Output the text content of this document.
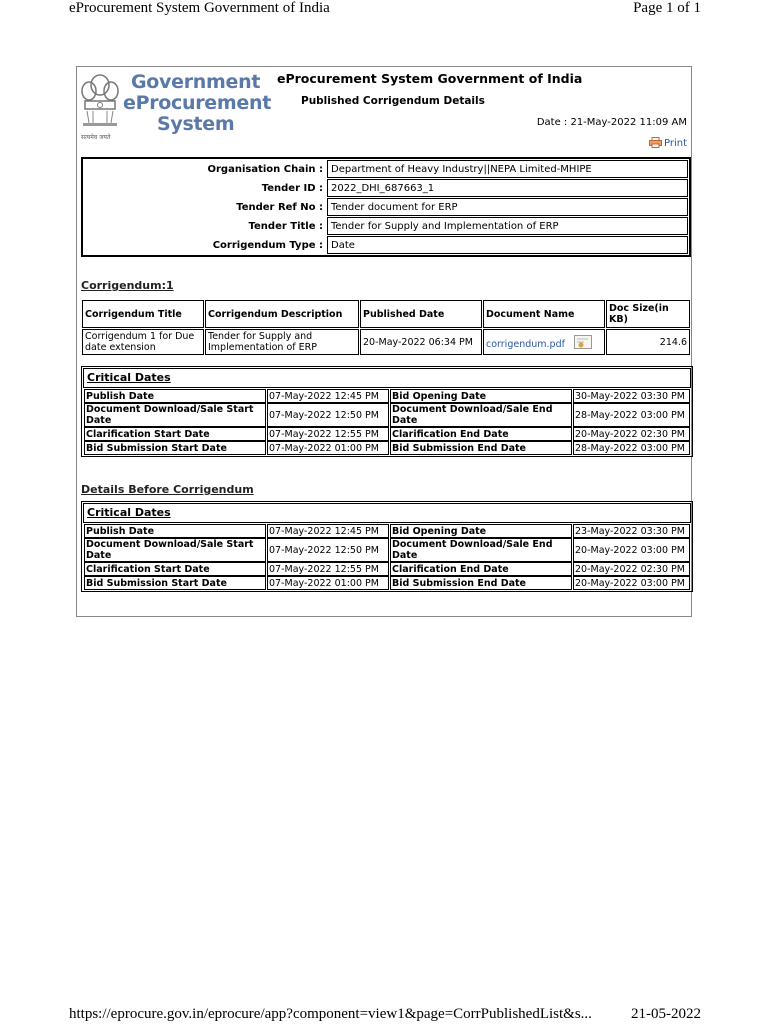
eProcurement System Government of India	Page 1 of 1
Government
eProcurement
System
सत्यमेव जयते
eProcurement System Government of India
Published Corrigendum Details
Date : 21-May-2022 11:09 AM
Print
Organisation Chain :	Department of Heavy Industry||NEPA Limited-MHIPE
Tender ID :	2022_DHI_687663_1
Tender Ref No :	Tender document for ERP
Tender Title :	Tender for Supply and Implementation of ERP
Corrigendum Type :	Date
Corrigendum:1
Corrigendum Title	Corrigendum Description	Published Date	Document Name	Doc Size(in KB)
Corrigendum 1 for Due date extension	Tender for Supply and Implementation of ERP	20-May-2022 06:34 PM	corrigendum.pdf	214.6
Critical Dates
Publish Date	07-May-2022 12:45 PM	Bid Opening Date	30-May-2022 03:30 PM
Document Download/Sale Start Date	07-May-2022 12:50 PM	Document Download/Sale End Date	28-May-2022 03:00 PM
Clarification Start Date	07-May-2022 12:55 PM	Clarification End Date	20-May-2022 02:30 PM
Bid Submission Start Date	07-May-2022 01:00 PM	Bid Submission End Date	28-May-2022 03:00 PM
Details Before Corrigendum
Critical Dates
Publish Date	07-May-2022 12:45 PM	Bid Opening Date	23-May-2022 03:30 PM
Document Download/Sale Start Date	07-May-2022 12:50 PM	Document Download/Sale End Date	20-May-2022 03:00 PM
Clarification Start Date	07-May-2022 12:55 PM	Clarification End Date	20-May-2022 02:30 PM
Bid Submission Start Date	07-May-2022 01:00 PM	Bid Submission End Date	20-May-2022 03:00 PM
https://eprocure.gov.in/eprocure/app?component=view1&page=CorrPublishedList&s...	21-05-2022
